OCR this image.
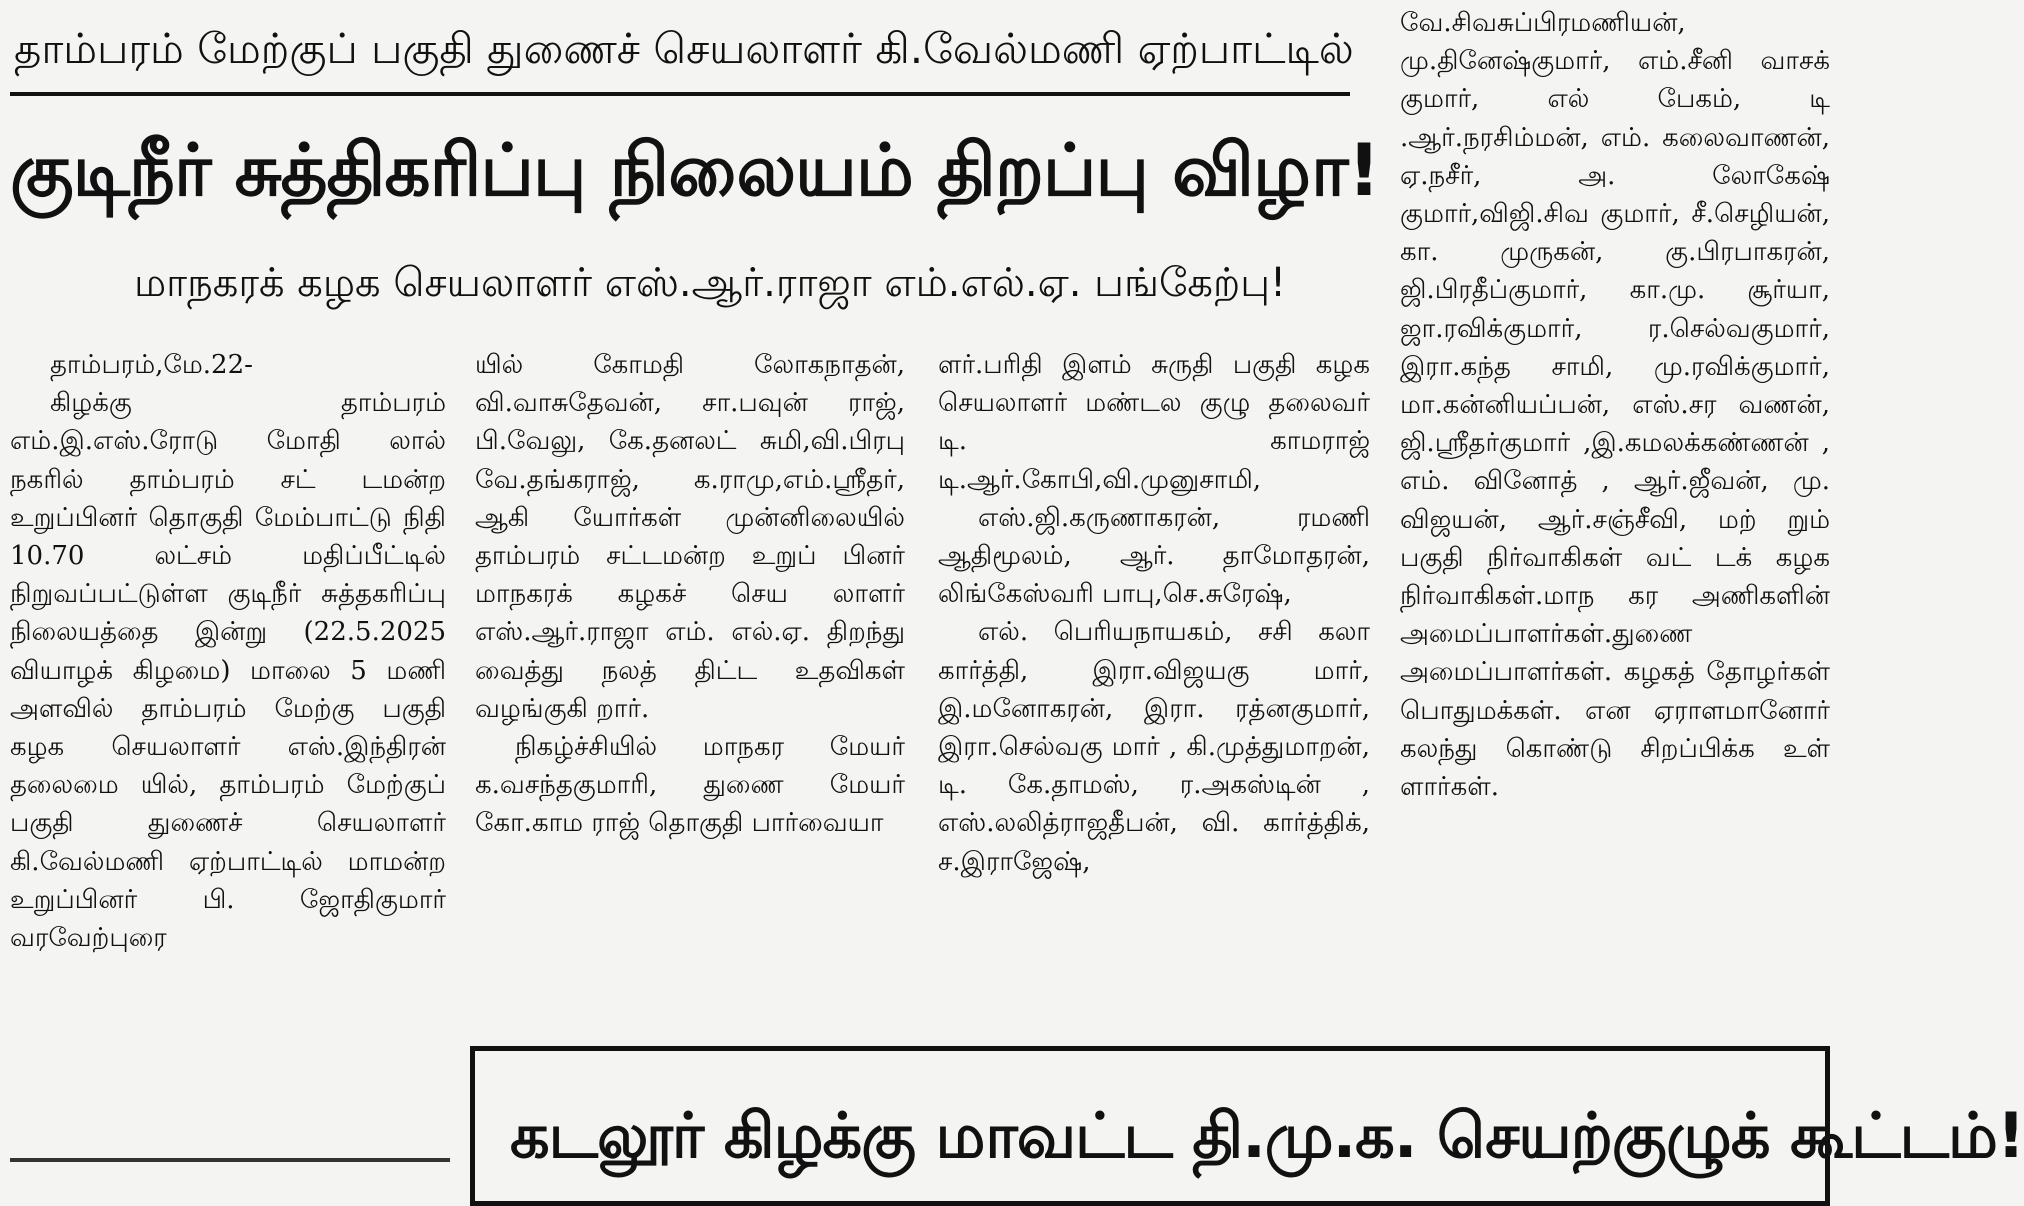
தாம்பரம் மேற்குப் பகுதி துணைச் செயலாளர் கி.வேல்மணி ஏற்பாட்டில்
குடிநீர் சுத்திகரிப்பு நிலையம் திறப்பு விழா!
மாநகரக் கழக செயலாளர் எஸ்.ஆர்.ராஜா எம்.எல்.ஏ. பங்கேற்பு!

தாம்பரம்,மே.22-

கிழக்கு தாம்பரம் எம்.இ.எஸ்.ரோடு மோதி லால் நகரில் தாம்பரம் சட் டமன்ற உறுப்பினர் தொகுதி மேம்பாட்டு நிதி 10.70 லட்சம் மதிப்பீட்டில் நிறுவப்பட்டுள்ள குடிநீர் சுத்தகரிப்பு நிலையத்தை இன்று (22.5.2025 வியாழக் கிழமை) மாலை 5 மணி அளவில் தாம்பரம் மேற்கு பகுதி கழக செயலாளர் எஸ்.இந்திரன் தலைமை யில், தாம்பரம் மேற்குப் பகுதி துணைச் செயலாளர் கி.வேல்மணி ஏற்பாட்டில் மாமன்ற உறுப்பினர் பி. ஜோதிகுமார் வரவேற்புரை

யில் கோமதி லோகநாதன், வி.வாசுதேவன், சா.பவுன் ராஜ், பி.வேலு, கே.தனலட் சுமி,வி.பிரபு வே.தங்கராஜ், க.ராமு,எம்.ஸ்ரீதர், ஆகி யோர்கள் முன்னிலையில் தாம்பரம் சட்டமன்ற உறுப் பினர் மாநகரக் கழகச் செய லாளர் எஸ்.ஆர்.ராஜா எம். எல்.ஏ. திறந்து வைத்து நலத் திட்ட உதவிகள் வழங்குகி றார்.

நிகழ்ச்சியில் மாநகர மேயர் க.வசந்தகுமாரி, துணை மேயர் கோ.காம ராஜ் தொகுதி பார்வையா

ளர்.பரிதி இளம் சுருதி பகுதி கழக செயலாளர் மண்டல குழு தலைவர் டி. காமராஜ் டி.ஆர்.கோபி,வி.முனுசாமி,

எஸ்.ஜி.கருணாகரன், ரமணி ஆதிமூலம், ஆர். தாமோதரன், லிங்கேஸ்வரி பாபு,செ.சுரேஷ்,

எல். பெரியநாயகம், சசி கலா கார்த்தி, இரா.விஜயகு மார், இ.மனோகரன், இரா. ரத்னகுமார், இரா.செல்வகு மார் , கி.முத்துமாறன், டி. கே.தாமஸ், ர.அகஸ்டின் , எஸ்.லலித்ராஜதீபன், வி. கார்த்திக், ச.இராஜேஷ்,

வே.சிவசுப்பிரமணியன், மு.தினேஷ்குமார், எம்.சீனி வாசக் குமார், எல் பேகம், டி .ஆர்.நரசிம்மன், எம். கலைவாணன், ஏ.நசீர், அ. லோகேஷ் குமார்,விஜி.சிவ குமார், சீ.செழியன், கா. முருகன், கு.பிரபாகரன், ஜி.பிரதீப்குமார், கா.மு. சூர்யா, ஜா.ரவிக்குமார், ர.செல்வகுமார், இரா.கந்த சாமி, மு.ரவிக்குமார், மா.கன்னியப்பன், எஸ்.சர வணன், ஜி.ஸ்ரீதர்குமார் ,இ.கமலக்கண்ணன் , எம். வினோத் , ஆர்.ஜீவன், மு. விஜயன், ஆர்.சஞ்சீவி, மற் றும் பகுதி நிர்வாகிகள் வட் டக் கழக நிர்வாகிகள்.மாந கர அணிகளின் அமைப்பாளர்கள்.துணை அமைப்பாளர்கள். கழகத் தோழர்கள் பொதுமக்கள். என ஏராளமானோர் கலந்து கொண்டு சிறப்பிக்க உள் ளார்கள்.

கடலூர் கிழக்கு மாவட்ட தி.மு.க. செயற்குழுக் கூட்டம்!
